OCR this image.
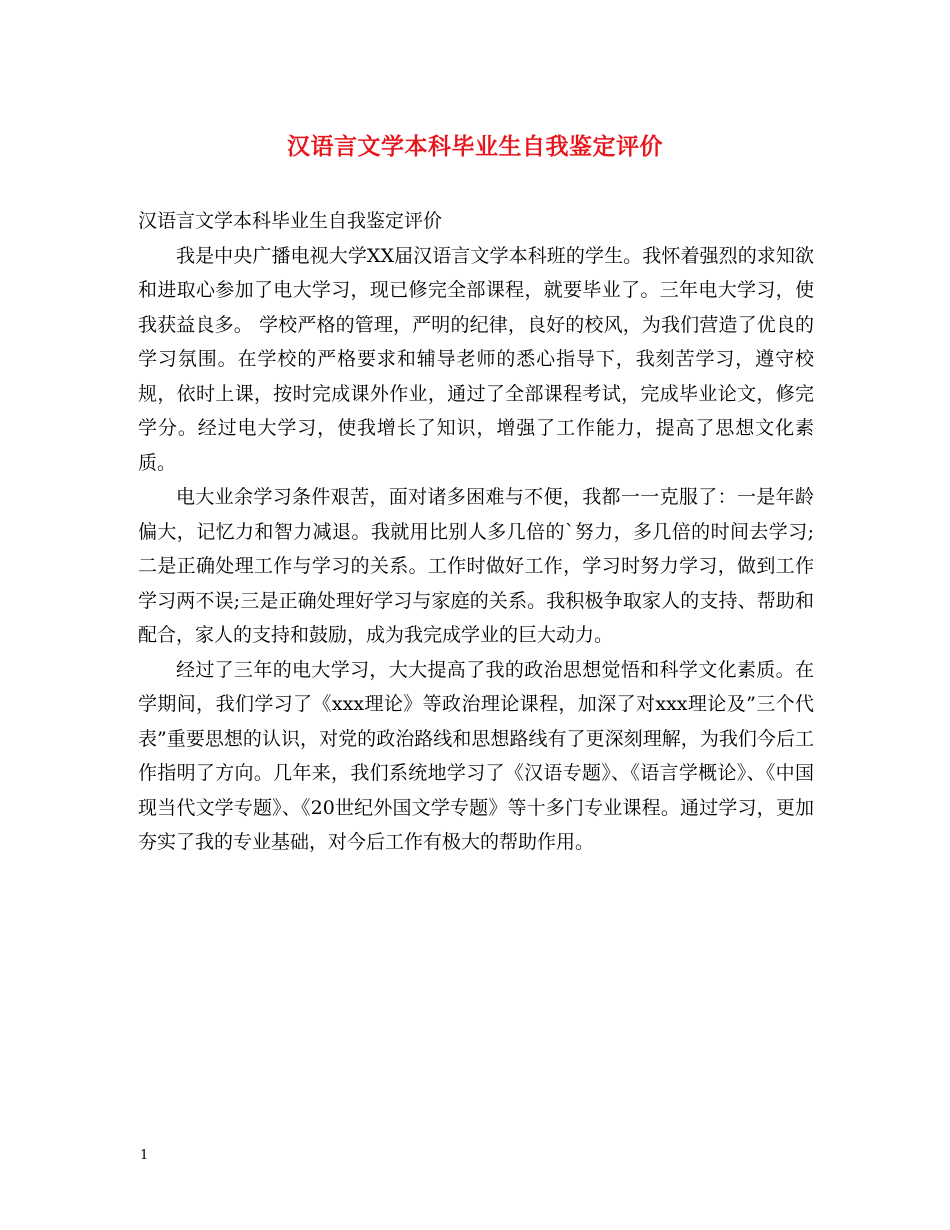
汉语言文学本科毕业生自我鉴定评价

汉语言文学本科毕业生自我鉴定评价

我是中央广播电视大学XX届汉语言文学本科班的学生。我怀着强烈的求知欲和进取心参加了电大学习，现已修完全部课程，就要毕业了。三年电大学习，使我获益良多。 学校严格的管理，严明的纪律，良好的校风，为我们营造了优良的学习氛围。在学校的严格要求和辅导老师的悉心指导下，我刻苦学习，遵守校规，依时上课，按时完成课外作业，通过了全部课程考试，完成毕业论文，修完学分。经过电大学习，使我增长了知识，增强了工作能力，提高了思想文化素质。

电大业余学习条件艰苦，面对诸多困难与不便，我都一一克服了：一是年龄偏大，记忆力和智力减退。我就用比别人多几倍的`努力，多几倍的时间去学习;二是正确处理工作与学习的关系。工作时做好工作，学习时努力学习，做到工作学习两不误;三是正确处理好学习与家庭的关系。我积极争取家人的支持、帮助和配合，家人的支持和鼓励，成为我完成学业的巨大动力。

经过了三年的电大学习，大大提高了我的政治思想觉悟和科学文化素质。在学期间，我们学习了《xxx理论》等政治理论课程，加深了对xxx理论及”三个代表”重要思想的认识，对党的政治路线和思想路线有了更深刻理解，为我们今后工作指明了方向。几年来，我们系统地学习了《汉语专题》、《语言学概论》、《中国现当代文学专题》、《20世纪外国文学专题》等十多门专业课程。通过学习，更加夯实了我的专业基础，对今后工作有极大的帮助作用。

1
